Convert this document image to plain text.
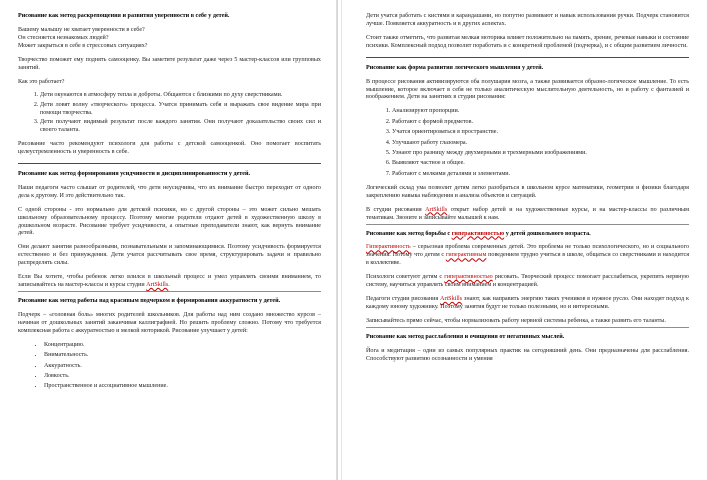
Рисование как метод раскрепощения и развития уверенности в себе у детей.

Вашему малышу не хватает уверенности в себе?

Он стесняется незнакомых людей?

Может закрыться в себе в стрессовых ситуациях?

Творчество поможет ему поднять самооценку. Вы заметите результат даже через 5 мастер-классов или групповых занятий.

Как это работает?

1. Дети окунаются в атмосферу тепла и доброты. Общаются с близкими по духу сверстниками.
2. Дети ловят волну «творческого» процесса. Учатся принимать себя и выражать свое видение мира при помощи творчества.
3. Дети получают видимый результат после каждого занятия. Они получают доказательство своих сил и своего таланта.

Рисование часто рекомендуют психологи для работы с детской самооценкой. Оно помогает воспитать целеустремленность и уверенность в себе.

Рисование как метод формирования усидчивости и дисциплинированности у детей.

Наши педагоги часто слышат от родителей, что дети неусидчивы, что их внимание быстро переходит от одного дела к другому. И это действительно так.

С одной стороны - это нормально для детской психики, но с другой стороны – это может сильно мешать школьному образовательному процессу. Поэтому многие родители отдают детей в художественную школу в дошкольном возрасте. Рисование требует усидчивости, а опытные преподаватели знают, как вернуть внимание детей.

Они делают занятия разнообразными, познавательными и запоминающимися. Поэтому усидчивость формируется естественно и без принуждения. Дети учатся рассчитывать свое время, структурировать задачи и правильно распределять силы.

Если Вы хотите, чтобы ребенок легко влился в школьный процесс и умел управлять своими вниманием, то записывайтесь на мастер-классы и курсы студии ArtSkills.

Рисование как метод работы над красивым подчерком и формирования аккуратности у детей.

Подчерк – «головная боль» многих родителей школьников. Для работы над ним создано множество курсов – начиная от дошкольных занятий заканчивая каллиграфией. Но решить проблему сложно. Потому что требуется комплексная работа с аккуратностью и мелкой моторикой. Рисование улучшает у детей:

• Концентрацию.
• Внимательность.
• Аккуратность.
• Ловкость.
• Пространственное и ассоциативное мышление.

Дети учатся работать с кистями и карандашами, но попутно развивают и навык использования ручки. Подчерк становится лучше. Появляется аккуратность и в других аспектах.

Стоит также отметить, что развитая мелкая моторика влияет положительно на память, зрение, речевые навыки и состояние психики. Комплексный подход позволит поработать и с конкретной проблемой (подчерка), и с общим развитием личности.

Рисование как форма развития логического мышления у детей.

В процессе рисования активизируются оба полушария мозга, а также развивается образно-логическое мышление. То есть мышление, которое включает в себя не только аналитическую мыслительную деятельность, но и работу с фантазией и воображением. Дети на занятиях в студии рисования:

1. Анализируют пропорции.
2. Работают с формой предметов.
3. Учатся ориентироваться в пространстве.
4. Улучшают работу глазомера.
5. Узнают про разницу между двухмерными и трехмерными изображениями.
6. Выявляют частное и общее.
7. Работают с мелкими деталями и элементами.

Логический склад ума позволит детям легко разобраться в школьном курсе математики, геометрии и физики благодаря закреплению навыка наблюдения и анализа объектов и ситуаций.

В студии рисования ArtSkills открыт набор детей и на художественные курсы, и на мастер-классы по различным тематикам. Звоните и записывайте малышей к нам.

Рисование как метод борьбы с гиперактивностью у детей дошкольного возраста.

Гиперактивность – серьезная проблема современных детей. Это проблема не только психологического, но и социального значения. Потому что детям с гиперактивным поведением трудно учиться в школе, общаться со сверстниками и находится в коллективе.

Психологи советуют детям с гиперактивностью рисовать. Творческий процесс помогает расслабиться, укрепить нервную систему, научиться управлять своим вниманием и концентрацией.

Педагоги студии рисования ArtSkills знают, как направить энергию таких учеников в нужное русло. Они находят подход к каждому юному художнику. Поэтому занятия будут не только полезными, но и интересными.

Записывайтесь прямо сейчас, чтобы нормализовать работу нервной системы ребенка, а также развить его таланты.

Рисование как метод расслабления и очищения от негативных мыслей.

Йога и медитация – одни из самых популярных практик на сегодняшний день. Они предназначены для расслабления. Способствуют развитию осознанности и умения
